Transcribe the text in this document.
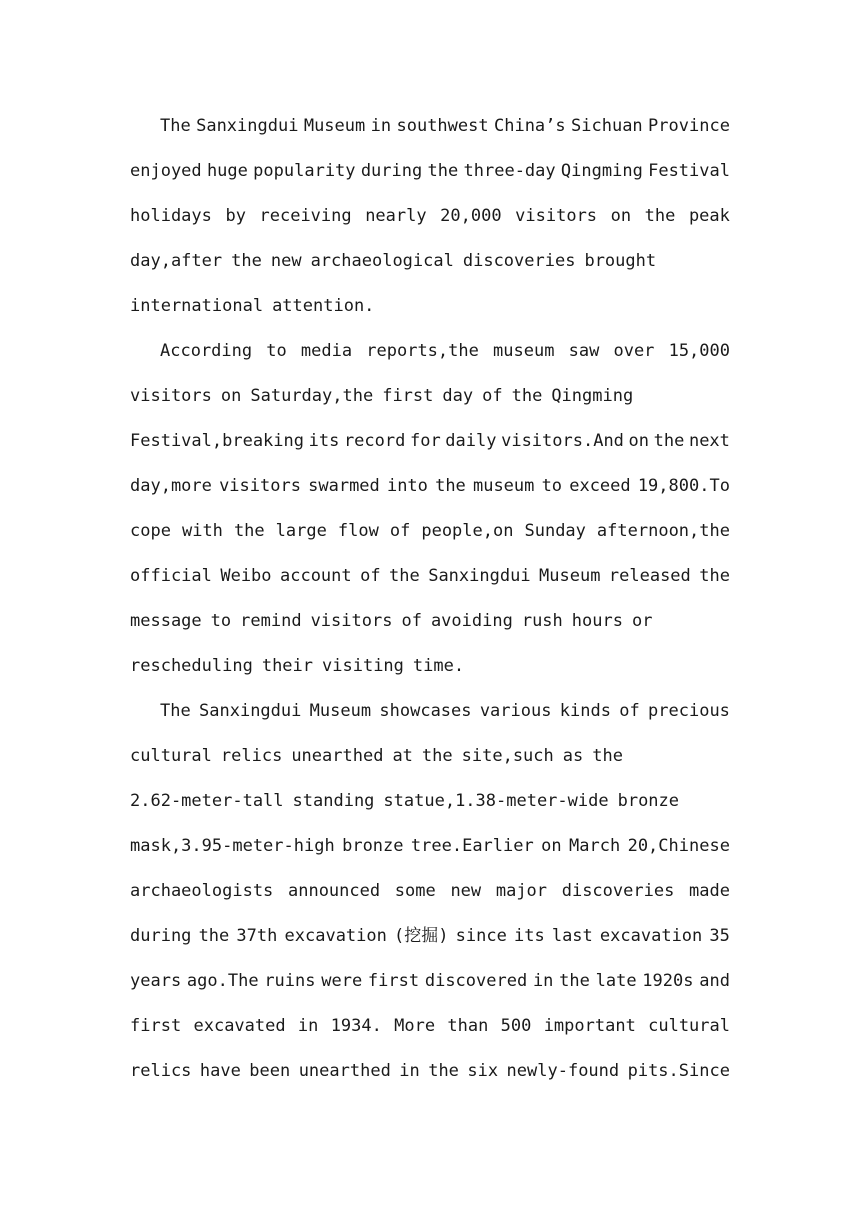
The Sanxingdui Museum in southwest China’s Sichuan Province
enjoyed huge popularity during the three-day Qingming Festival
holidays by receiving nearly 20,000 visitors on the peak
day,after the new archaeological discoveries brought
international attention.
According to media reports,the museum saw over 15,000
visitors on Saturday,the first day of the Qingming
Festival,breaking its record for daily visitors.And on the next
day,more visitors swarmed into the museum to exceed 19,800.To
cope with the large flow of people,on Sunday afternoon,the
official Weibo account of the Sanxingdui Museum released the
message to remind visitors of avoiding rush hours or
rescheduling their visiting time.
The Sanxingdui Museum showcases various kinds of precious
cultural relics unearthed at the site,such as the
2.62-meter-tall standing statue,1.38-meter-wide bronze
mask,3.95-meter-high bronze tree.Earlier on March 20,Chinese
archaeologists announced some new major discoveries made
during the 37th excavation (挖掘) since its last excavation 35
years ago.The ruins were first discovered in the late 1920s and
first excavated in 1934. More than 500 important cultural
relics have been unearthed in the six newly-found pits.Since
